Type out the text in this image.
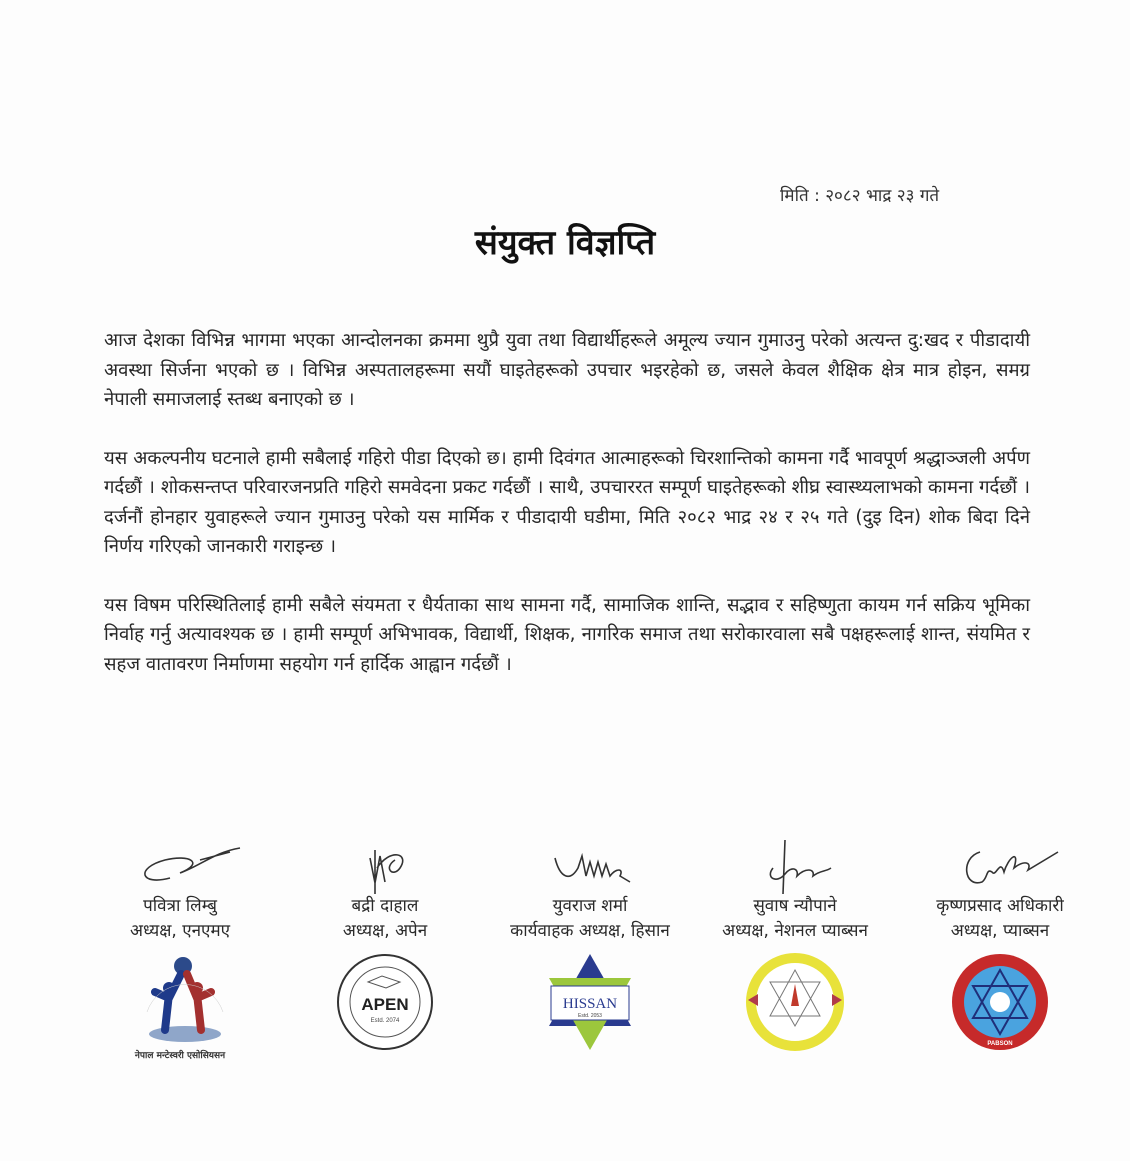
मिति : २०८२ भाद्र २३ गते
संयुक्त विज्ञप्ति

आज देशका विभिन्न भागमा भएका आन्दोलनका क्रममा थुप्रै युवा तथा विद्यार्थीहरूले अमूल्य ज्यान गुमाउनु परेको अत्यन्त दु:खद र पीडादायी अवस्था सिर्जना भएको छ । विभिन्न अस्पतालहरूमा सयौं घाइतेहरूको उपचार भइरहेको छ, जसले केवल शैक्षिक क्षेत्र मात्र होइन, समग्र नेपाली समाजलाई स्तब्ध बनाएको छ ।

यस अकल्पनीय घटनाले हामी सबैलाई गहिरो पीडा दिएको छ। हामी दिवंगत आत्माहरूको चिरशान्तिको कामना गर्दै भावपूर्ण श्रद्धाञ्जली अर्पण गर्दछौं । शोकसन्तप्त परिवारजनप्रति गहिरो समवेदना प्रकट गर्दछौं । साथै, उपचाररत सम्पूर्ण घाइतेहरूको शीघ्र स्वास्थ्यलाभको कामना गर्दछौं । दर्जनौं होनहार युवाहरूले ज्यान गुमाउनु परेको यस मार्मिक र पीडादायी घडीमा, मिति २०८२ भाद्र २४ र २५ गते (दुइ दिन) शोक बिदा दिने निर्णय गरिएको जानकारी गराइन्छ ।

यस विषम परिस्थितिलाई हामी सबैले संयमता र धैर्यताका साथ सामना गर्दै, सामाजिक शान्ति, सद्भाव र सहिष्णुता कायम गर्न सक्रिय भूमिका निर्वाह गर्नु अत्यावश्यक छ । हामी सम्पूर्ण अभिभावक, विद्यार्थी, शिक्षक, नागरिक समाज तथा सरोकारवाला सबै पक्षहरूलाई शान्त, संयमित र सहज वातावरण निर्माणमा सहयोग गर्न हार्दिक आह्वान गर्दछौं ।

पवित्रा लिम्बु
अध्यक्ष, एनएमए
नेपाल मन्टेस्वरी एसोसियसन
बद्री दाहाल
अध्यक्ष, अपेन
APEN
Estd. 2074
युवराज शर्मा
कार्यवाहक अध्यक्ष, हिसान
HISSAN
Estd. 2053
सुवाष न्यौपाने
अध्यक्ष, नेशनल प्याब्सन
कृष्णप्रसाद अधिकारी
अध्यक्ष, प्याब्सन
PABSON
